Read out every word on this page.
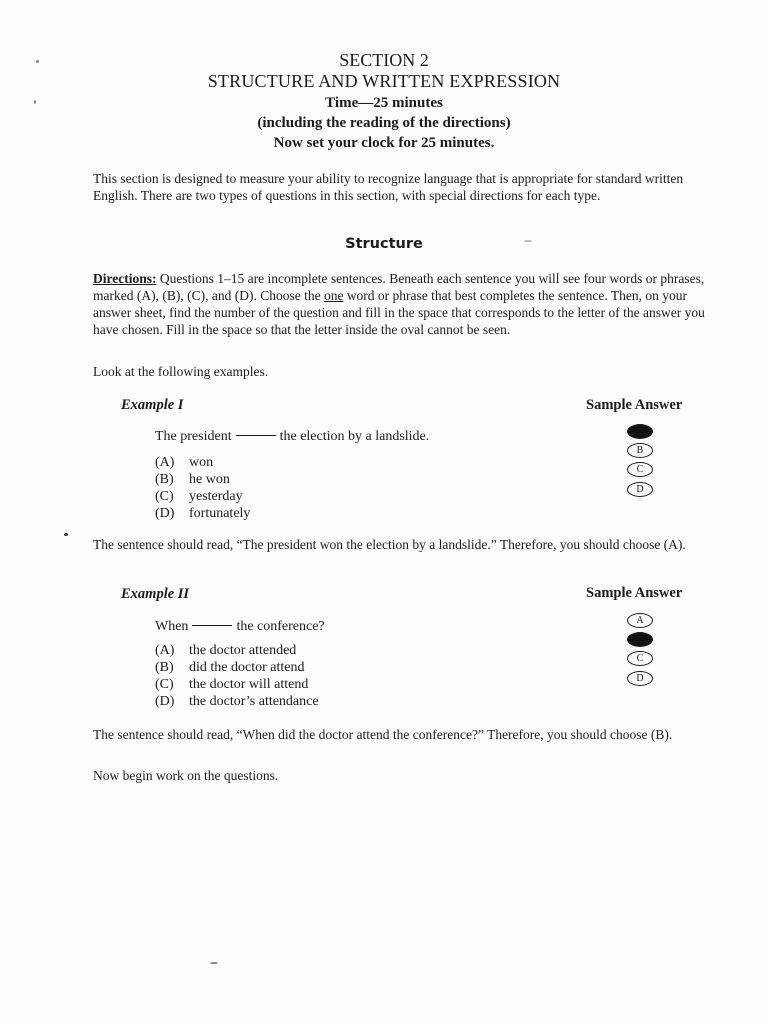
SECTION 2
STRUCTURE AND WRITTEN EXPRESSION
Time—25 minutes
(including the reading of the directions)
Now set your clock for 25 minutes.
This section is designed to measure your ability to recognize language that is appropriate for standard written English. There are two types of questions in this section, with special directions for each type.
Structure
Directions: Questions 1–15 are incomplete sentences. Beneath each sentence you will see four words or phrases, marked (A), (B), (C), and (D). Choose the one word or phrase that best completes the sentence. Then, on your answer sheet, find the number of the question and fill in the space that corresponds to the letter of the answer you have chosen. Fill in the space so that the letter inside the oval cannot be seen.
Look at the following examples.
Example I	Sample Answer
The president	the election by a landslide.
(A)	won
(B)	he won
(C)	yesterday
(D)	fortunately
A
B
C
D
The sentence should read, “The president won the election by a landslide.” Therefore, you should choose (A).
Example II	Sample Answer
When	the conference?
(A)	the doctor attended
(B)	did the doctor attend
(C)	the doctor will attend
(D)	the doctor’s attendance
A
B
C
D
The sentence should read, “When did the doctor attend the conference?” Therefore, you should choose (B).
Now begin work on the questions.
